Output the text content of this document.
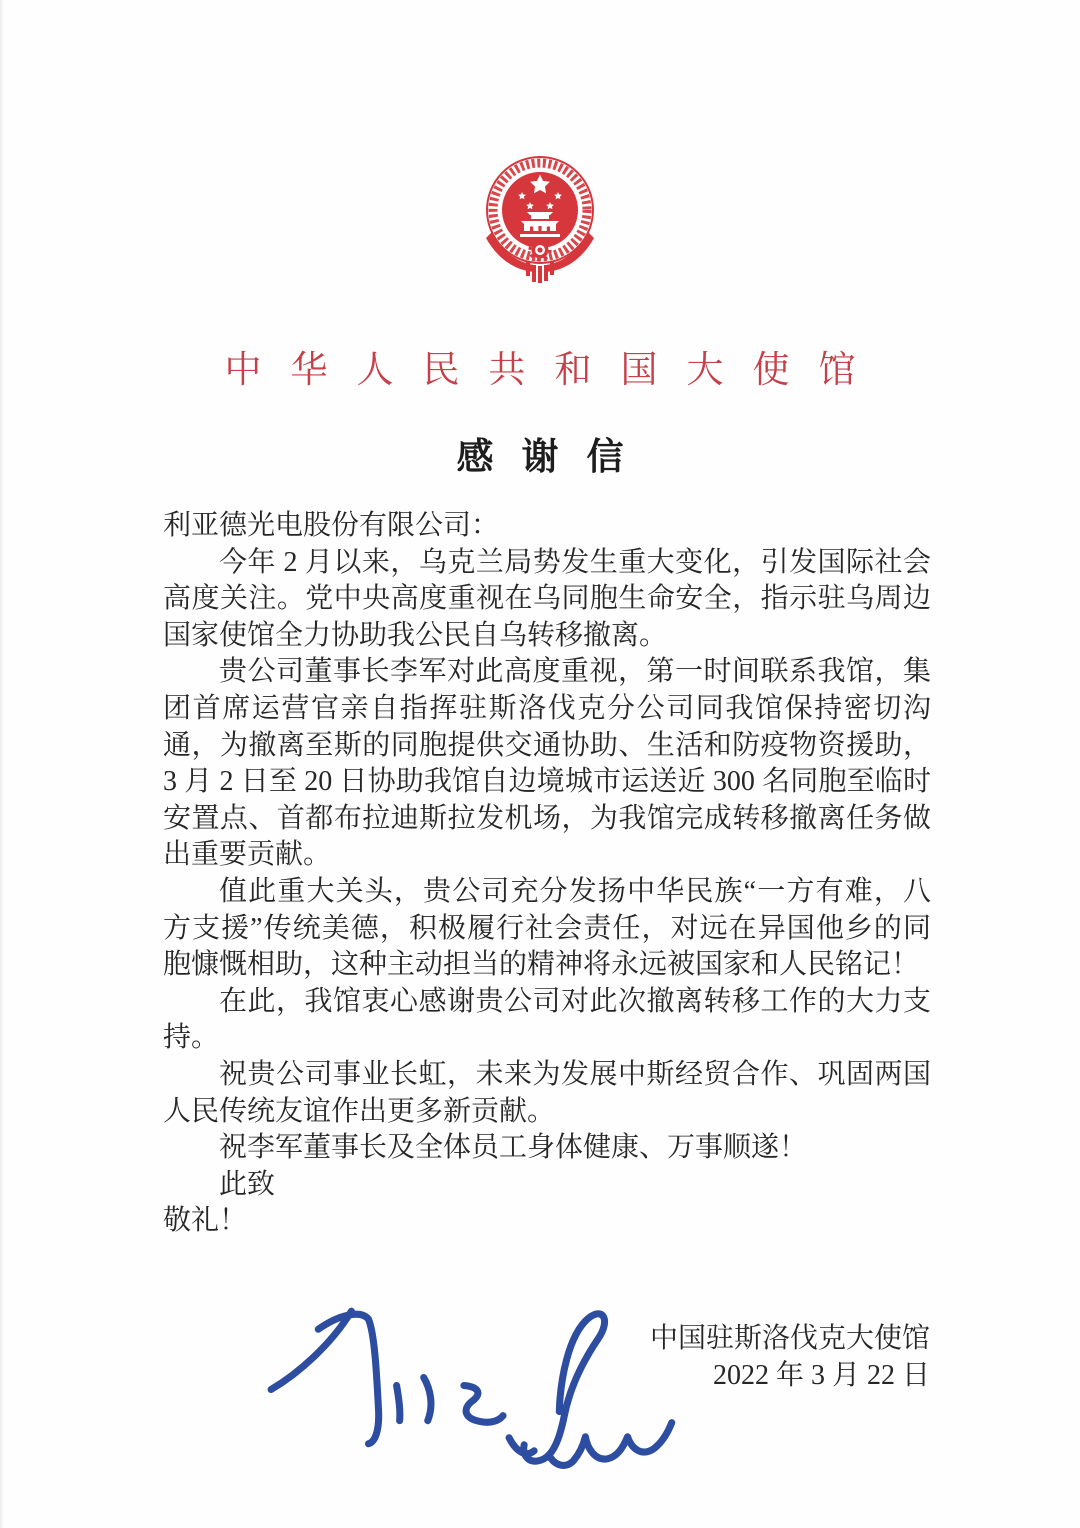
中华人民共和国大使馆
感谢信

利亚德光电股份有限公司：

今年 2 月以来，乌克兰局势发生重大变化，引发国际社会高度关注。党中央高度重视在乌同胞生命安全，指示驻乌周边国家使馆全力协助我公民自乌转移撤离。

贵公司董事长李军对此高度重视，第一时间联系我馆，集团首席运营官亲自指挥驻斯洛伐克分公司同我馆保持密切沟通，为撤离至斯的同胞提供交通协助、生活和防疫物资援助，3 月 2 日至 20 日协助我馆自边境城市运送近 300 名同胞至临时安置点、首都布拉迪斯拉发机场，为我馆完成转移撤离任务做出重要贡献。

值此重大关头，贵公司充分发扬中华民族“一方有难，八方支援”传统美德，积极履行社会责任，对远在异国他乡的同胞慷慨相助，这种主动担当的精神将永远被国家和人民铭记！

在此，我馆衷心感谢贵公司对此次撤离转移工作的大力支持。

祝贵公司事业长虹，未来为发展中斯经贸合作、巩固两国人民传统友谊作出更多新贡献。

祝李军董事长及全体员工身体健康、万事顺遂！

此致

敬礼！

中国驻斯洛伐克大使馆
2022 年 3 月 22 日
